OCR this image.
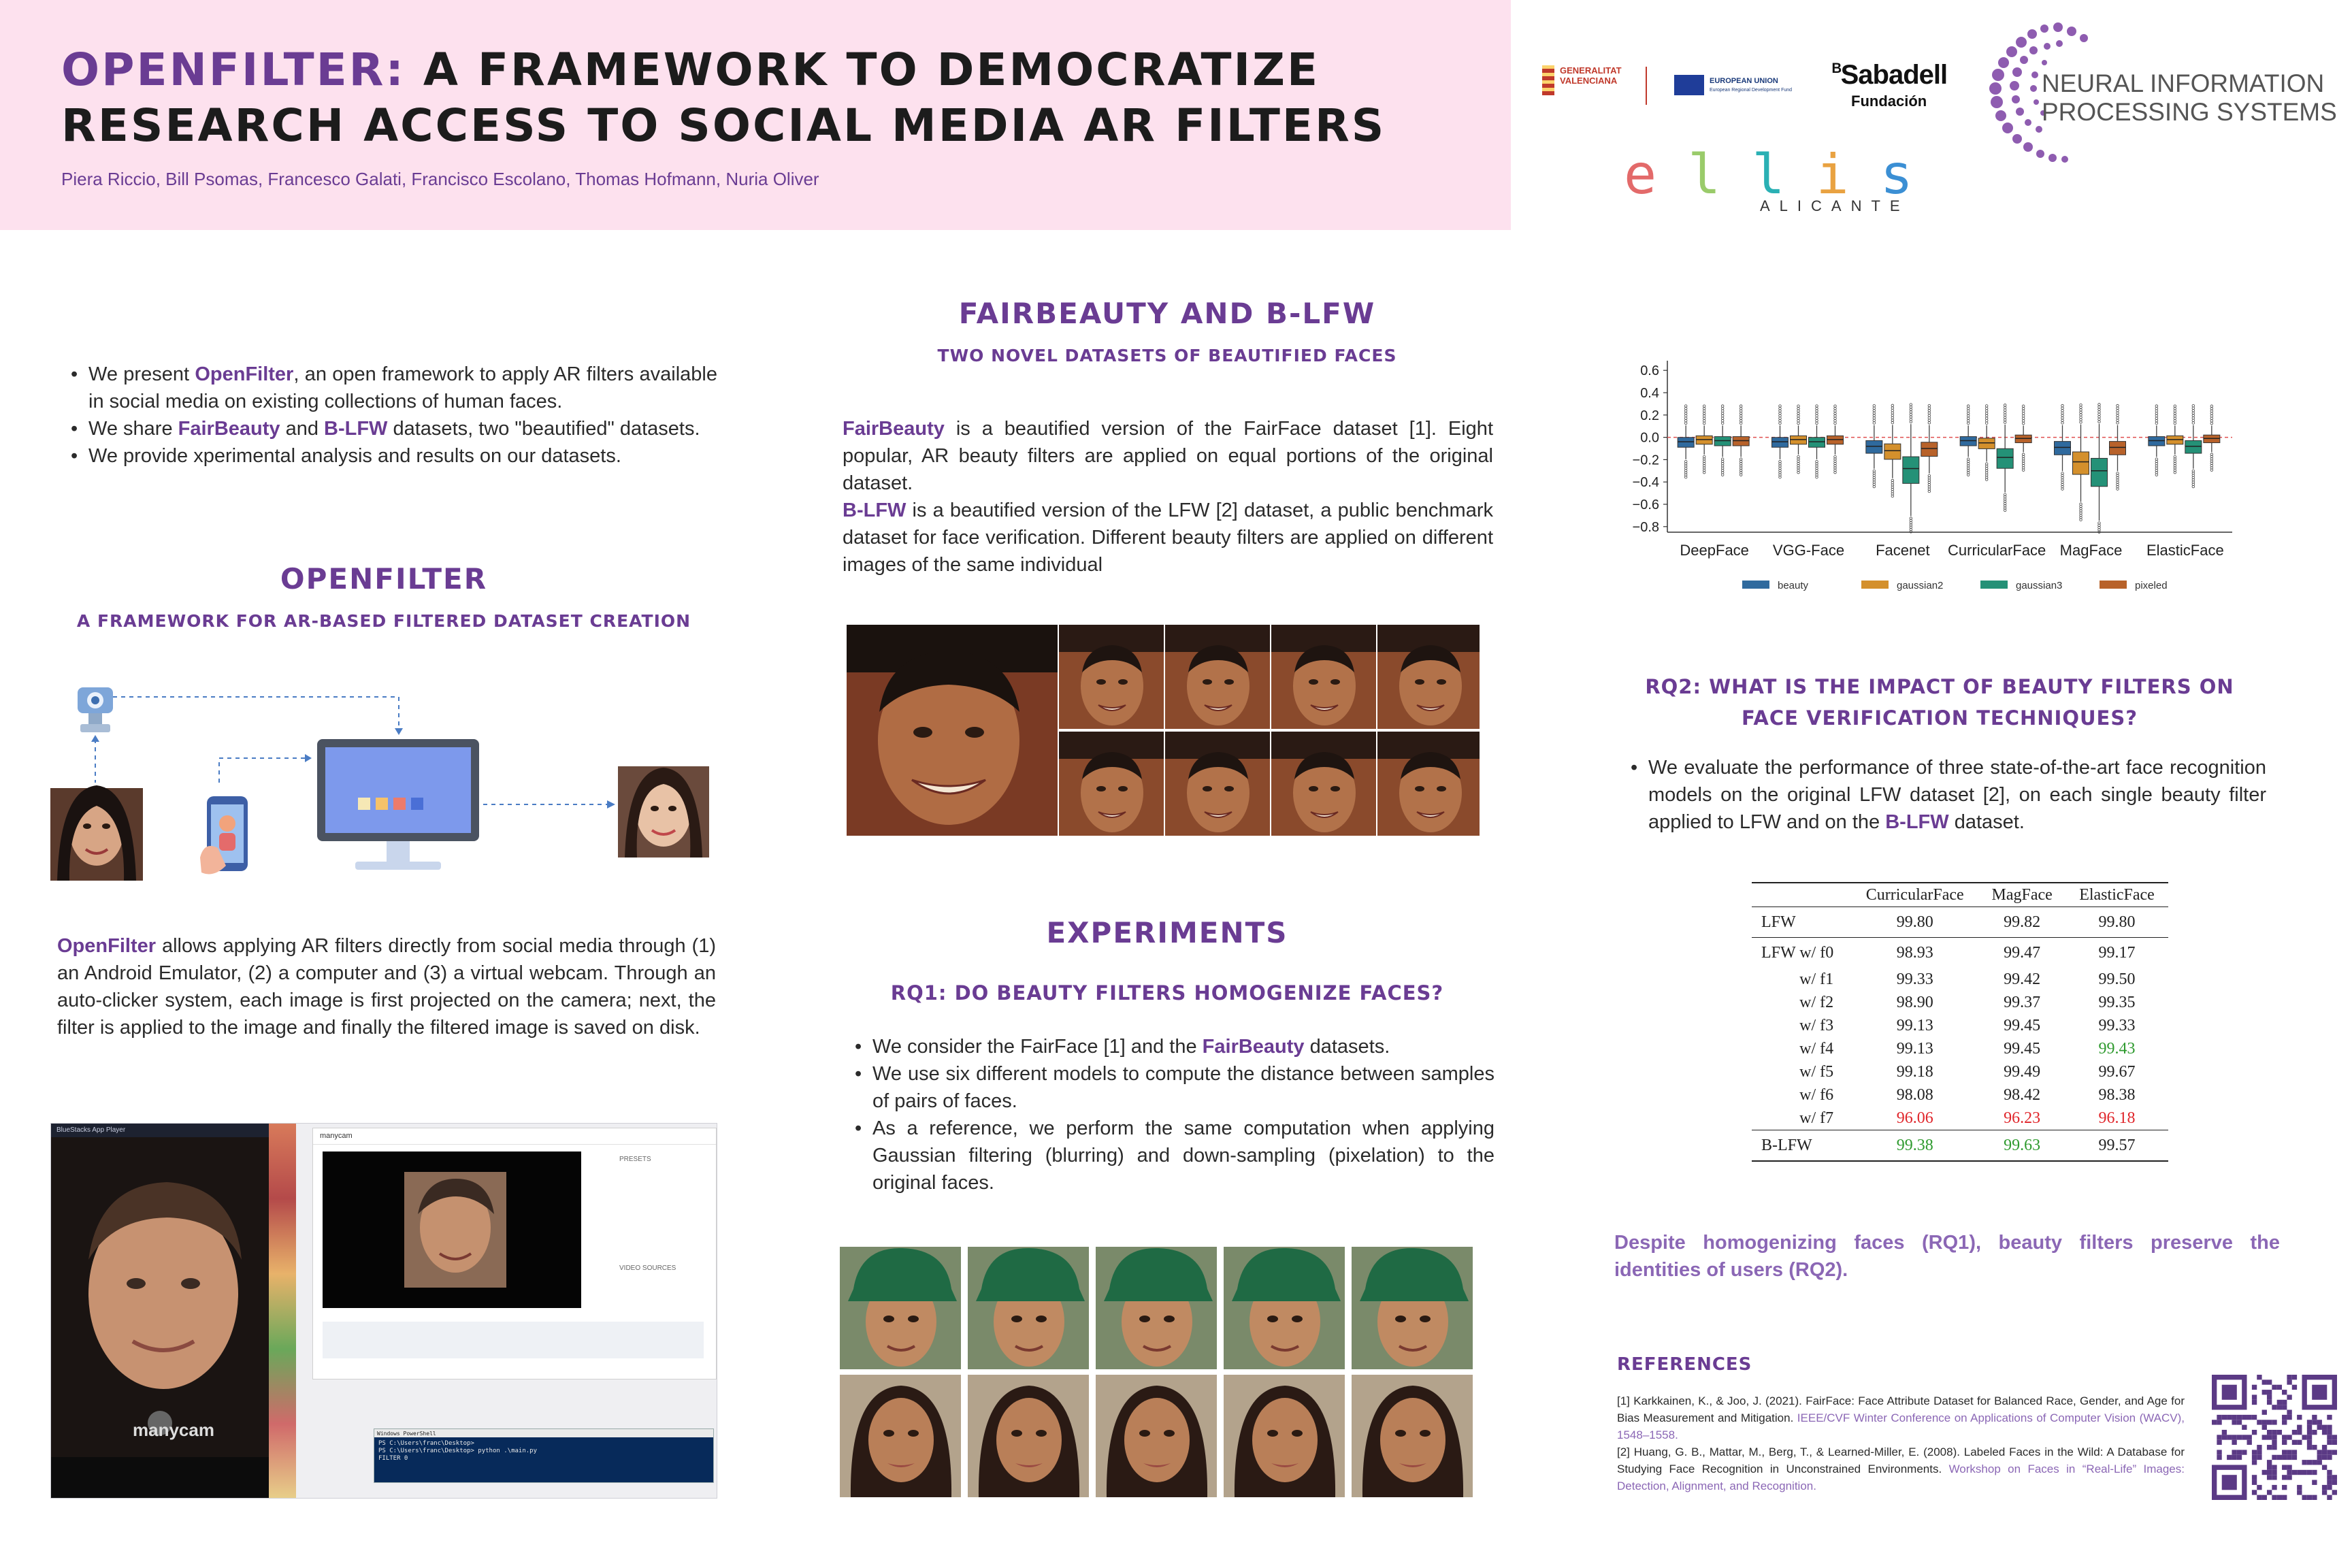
OPENFILTER: A FRAMEWORK TO DEMOCRATIZE RESEARCH ACCESS TO SOCIAL MEDIA AR FILTERS
Piera Riccio, Bill Psomas, Francesco Galati, Francisco Escolano, Thomas Hofmann, Nuria Oliver
GENERALITAT
VALENCIANA	EUROPEAN UNION
European Regional Development Fund
$^ᴮ$Sabadell
Fundación
NEURAL INFORMATION
PROCESSING SYSTEMS
ellis
ALICANTE
• We present OpenFilter, an open framework to apply AR filters available in social media on existing collections of human faces.
• We share FairBeauty and B-LFW datasets, two "beautified" datasets.
• We provide xperimental analysis and results on our datasets.
OPENFILTER
A FRAMEWORK FOR AR-BASED FILTERED DATASET CREATION
OpenFilter allows applying AR filters directly from social media through (1) an Android Emulator, (2) a computer and (3) a virtual webcam. Through an auto-clicker system, each image is first projected on the camera; next, the filter is applied to the image and finally the filtered image is saved on disk.
BlueStacks App Player
manycam
manycam
PRESETS
VIDEO SOURCES
Windows PowerShell
PS C:\Users\franc\Desktop>
PS C:\Users\franc\Desktop> python .\main.py
FILTER 0
FAIRBEAUTY AND B-LFW
TWO NOVEL DATASETS OF BEAUTIFIED FACES

FairBeauty is a beautified version of the FairFace dataset [1]. Eight popular, AR beauty filters are applied on equal portions of the original dataset.

B-LFW is a beautified version of the LFW [2] dataset, a public benchmark dataset for face verification. Different beauty filters are applied on different images of the same individual

EXPERIMENTS
RQ1: DO BEAUTY FILTERS HOMOGENIZE FACES?
• We consider the FairFace [1] and the FairBeauty datasets.
• We use six different models to compute the distance between samples of pairs of faces.
• As a reference, we perform the same computation when applying Gaussian filtering (blurring) and down-sampling (pixelation) to the original faces.
0.6
0.4
0.2
0.0
−0.2
−0.4
−0.6
−0.8
DeepFace VGG-Face Facenet CurricularFace MagFace ElasticFace
beauty	gaussian2	gaussian3	pixeled
RQ2: WHAT IS THE IMPACT OF BEAUTY FILTERS ON FACE VERIFICATION TECHNIQUES?
• We evaluate the performance of three state-of-the-art face recognition models on the original LFW dataset [2], on each single beauty filter applied to LFW and on the B-LFW dataset.
	CurricularFace	MagFace	ElasticFace
LFW	99.80	99.82	99.80
LFW w/ f0	98.93	99.47	99.17
w/ f1	99.33	99.42	99.50
w/ f2	98.90	99.37	99.35
w/ f3	99.13	99.45	99.33
w/ f4	99.13	99.45	99.43
w/ f5	99.18	99.49	99.67
w/ f6	98.08	98.42	98.38
w/ f7	96.06	96.23	96.18
B-LFW	99.38	99.63	99.57
Despite homogenizing faces (RQ1), beauty filters preserve the identities of users (RQ2).
REFERENCES

[1] Karkkainen, K., & Joo, J. (2021). FairFace: Face Attribute Dataset for Balanced Race, Gender, and Age for Bias Measurement and Mitigation. IEEE/CVF Winter Conference on Applications of Computer Vision (WACV), 1548–1558.

[2] Huang, G. B., Mattar, M., Berg, T., & Learned-Miller, E. (2008). Labeled Faces in the Wild: A Database for Studying Face Recognition in Unconstrained Environments. Workshop on Faces in “Real-Life” Images: Detection, Alignment, and Recognition.
